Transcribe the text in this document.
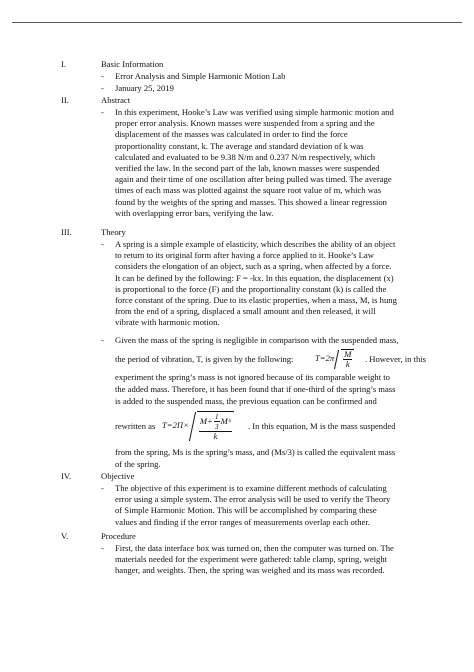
I.	Basic Information
- Error Analysis and Simple Harmonic Motion Lab
- January 25, 2019
II.	Abstract
- In this experiment, Hooke’s Law was verified using simple harmonic motion and
proper error analysis. Known masses were suspended from a spring and the
displacement of the masses was calculated in order to find the force
proportionality constant, k. The average and standard deviation of k was
calculated and evaluated to be 9.38 N/m and 0.237 N/m respectively, which
verified the law. In the second part of the lab, known masses were suspended
again and their time of one oscillation after being pulled was timed. The average
times of each mass was plotted against the square root value of m, which was
found by the weights of the spring and masses. This showed a linear regression
with overlapping error bars, verifying the law.
III.	Theory
- A spring is a simple example of elasticity, which describes the ability of an object
to return to its original form after having a force applied to it. Hooke’s Law
considers the elongation of an object, such as a spring, when affected by a force.
It can be defined by the following: F = -kx. In this equation, the displacement (x)
is proportional to the force (F) and the proportionality constant (k) is called the
force constant of the spring. Due to its elastic properties, when a mass, M, is hung
from the end of a spring, displaced a small amount and then released, it will
vibrate with harmonic motion.
- Given the mass of the spring is negligible in comparison with the suspended mass,
the period of vibration, T, is given by the following:	$T=2\pi \frac{M}{k}$ . However, in this
experiment the spring’s mass is not ignored because of its comparable weight to
the added mass. Therefore, it has been found that if one-third of the spring’s mass
is added to the suspended mass, the previous equation can be confirmed and
rewritten as $T=2\Pi\times M+ \frac{1}{3}$ M s
k
. In this equation, M is the mass suspended
from the spring, Ms is the spring’s mass, and (Ms/3) is called the equivalent mass
of the spring.
IV.	Objective
- The objective of this experiment is to examine different methods of calculating
error using a simple system. The error analysis will be used to verify the Theory
of Simple Harmonic Motion. This will be accomplished by comparing these
values and finding if the error ranges of measurements overlap each other.
V.	Procedure
- First, the data interface box was turned on, then the computer was turned on. The
materials needed for the experiment were gathered: table clamp, spring, weight
hanger, and weights. Then, the spring was weighed and its mass was recorded.
